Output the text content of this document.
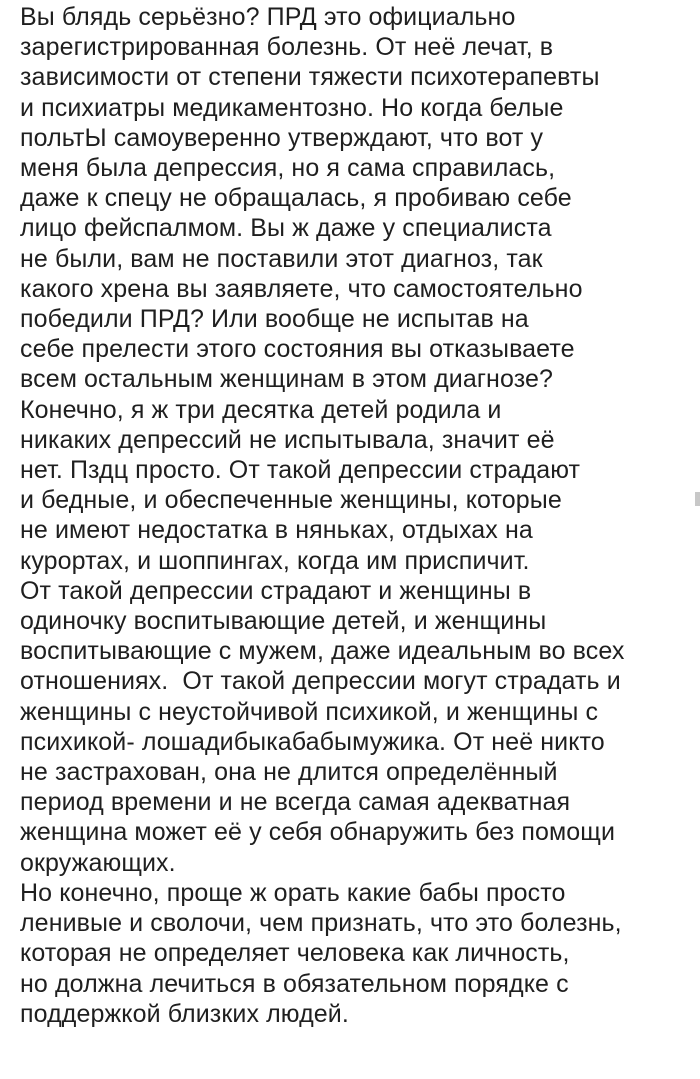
Вы блядь серьёзно? ПРД это официально
зарегистрированная болезнь. От неё лечат, в
зависимости от степени тяжести психотерапевты
и психиатры медикаментозно. Но когда белые
польтЫ самоуверенно утверждают, что вот у
меня была депрессия, но я сама справилась,
даже к спецу не обращалась, я пробиваю себе
лицо фейспалмом. Вы ж даже у специалиста
не были, вам не поставили этот диагноз, так
какого хрена вы заявляете, что самостоятельно
победили ПРД? Или вообще не испытав на
себе прелести этого состояния вы отказываете
всем остальным женщинам в этом диагнозе?
Конечно, я ж три десятка детей родила и
никаких депрессий не испытывала, значит её
нет. Пздц просто. От такой депрессии страдают
и бедные, и обеспеченные женщины, которые
не имеют недостатка в няньках, отдыхах на
курортах, и шоппингах, когда им приспичит.
От такой депрессии страдают и женщины в
одиночку воспитывающие детей, и женщины
воспитывающие с мужем, даже идеальным во всех
отношениях.  От такой депрессии могут страдать и
женщины с неустойчивой психикой, и женщины с
психикой- лошадибыкабабымужика. От неё никто
не застрахован, она не длится определённый
период времени и не всегда самая адекватная
женщина может её у себя обнаружить без помощи
окружающих.
Но конечно, проще ж орать какие бабы просто
ленивые и сволочи, чем признать, что это болезнь,
которая не определяет человека как личность,
но должна лечиться в обязательном порядке с
поддержкой близких людей.
